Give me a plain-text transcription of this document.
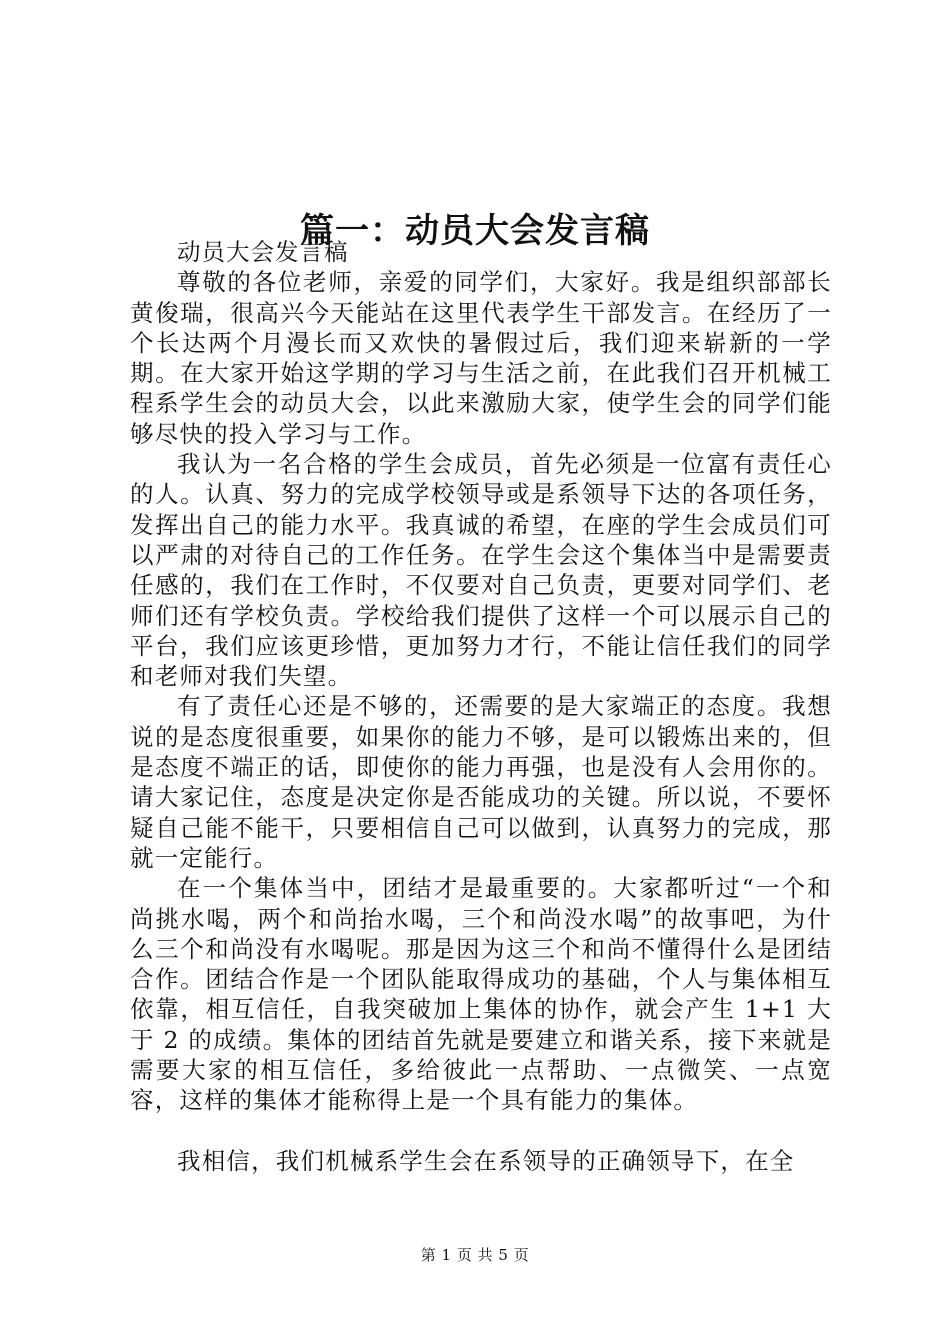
篇一：动员大会发言稿

动员大会发言稿

尊敬的各位老师，亲爱的同学们，大家好。我是组织部部长黄俊瑞，很高兴今天能站在这里代表学生干部发言。在经历了一个长达两个月漫长而又欢快的暑假过后，我们迎来崭新的一学期。在大家开始这学期的学习与生活之前，在此我们召开机械工程系学生会的动员大会，以此来激励大家，使学生会的同学们能够尽快的投入学习与工作。

我认为一名合格的学生会成员，首先必须是一位富有责任心的人。认真、努力的完成学校领导或是系领导下达的各项任务，发挥出自己的能力水平。我真诚的希望，在座的学生会成员们可以严肃的对待自己的工作任务。在学生会这个集体当中是需要责任感的，我们在工作时，不仅要对自己负责，更要对同学们、老师们还有学校负责。学校给我们提供了这样一个可以展示自己的平台，我们应该更珍惜，更加努力才行，不能让信任我们的同学和老师对我们失望。

有了责任心还是不够的，还需要的是大家端正的态度。我想说的是态度很重要，如果你的能力不够，是可以锻炼出来的，但是态度不端正的话，即使你的能力再强，也是没有人会用你的。请大家记住，态度是决定你是否能成功的关键。所以说，不要怀疑自己能不能干，只要相信自己可以做到，认真努力的完成，那就一定能行。

在一个集体当中，团结才是最重要的。大家都听过“一个和尚挑水喝，两个和尚抬水喝，三个和尚没水喝”的故事吧，为什么三个和尚没有水喝呢。那是因为这三个和尚不懂得什么是团结合作。团结合作是一个团队能取得成功的基础，个人与集体相互依靠，相互信任，自我突破加上集体的协作，就会产生 1+1 大于 2 的成绩。集体的团结首先就是要建立和谐关系，接下来就是需要大家的相互信任，多给彼此一点帮助、一点微笑、一点宽容，这样的集体才能称得上是一个具有能力的集体。

我相信，我们机械系学生会在系领导的正确领导下，在全

第 1 页 共 5 页
